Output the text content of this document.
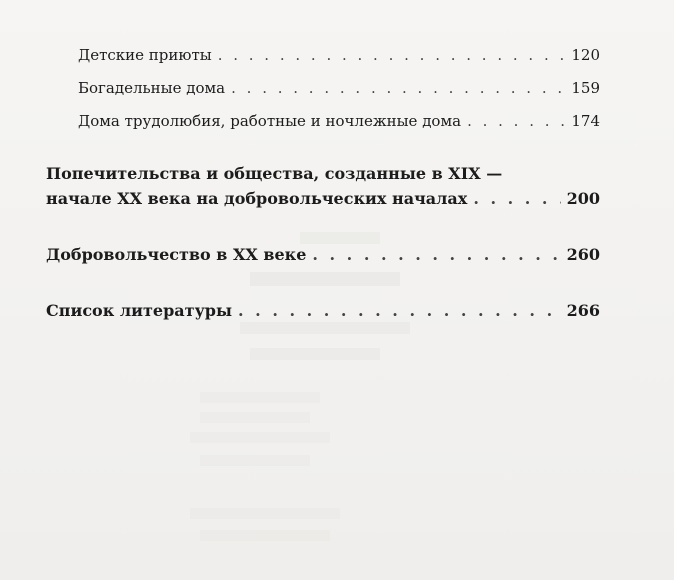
Детские приюты . . .	120
Богадельные дома . . .	159
Дома трудолюбия, работные и ночлежные дома . . .	174
Попечительства и общества, созданные в XIX —
начале XX века на добровольческих началах . . .	200
Добровольчество в XX веке . . .	260
Список литературы . . .	266
